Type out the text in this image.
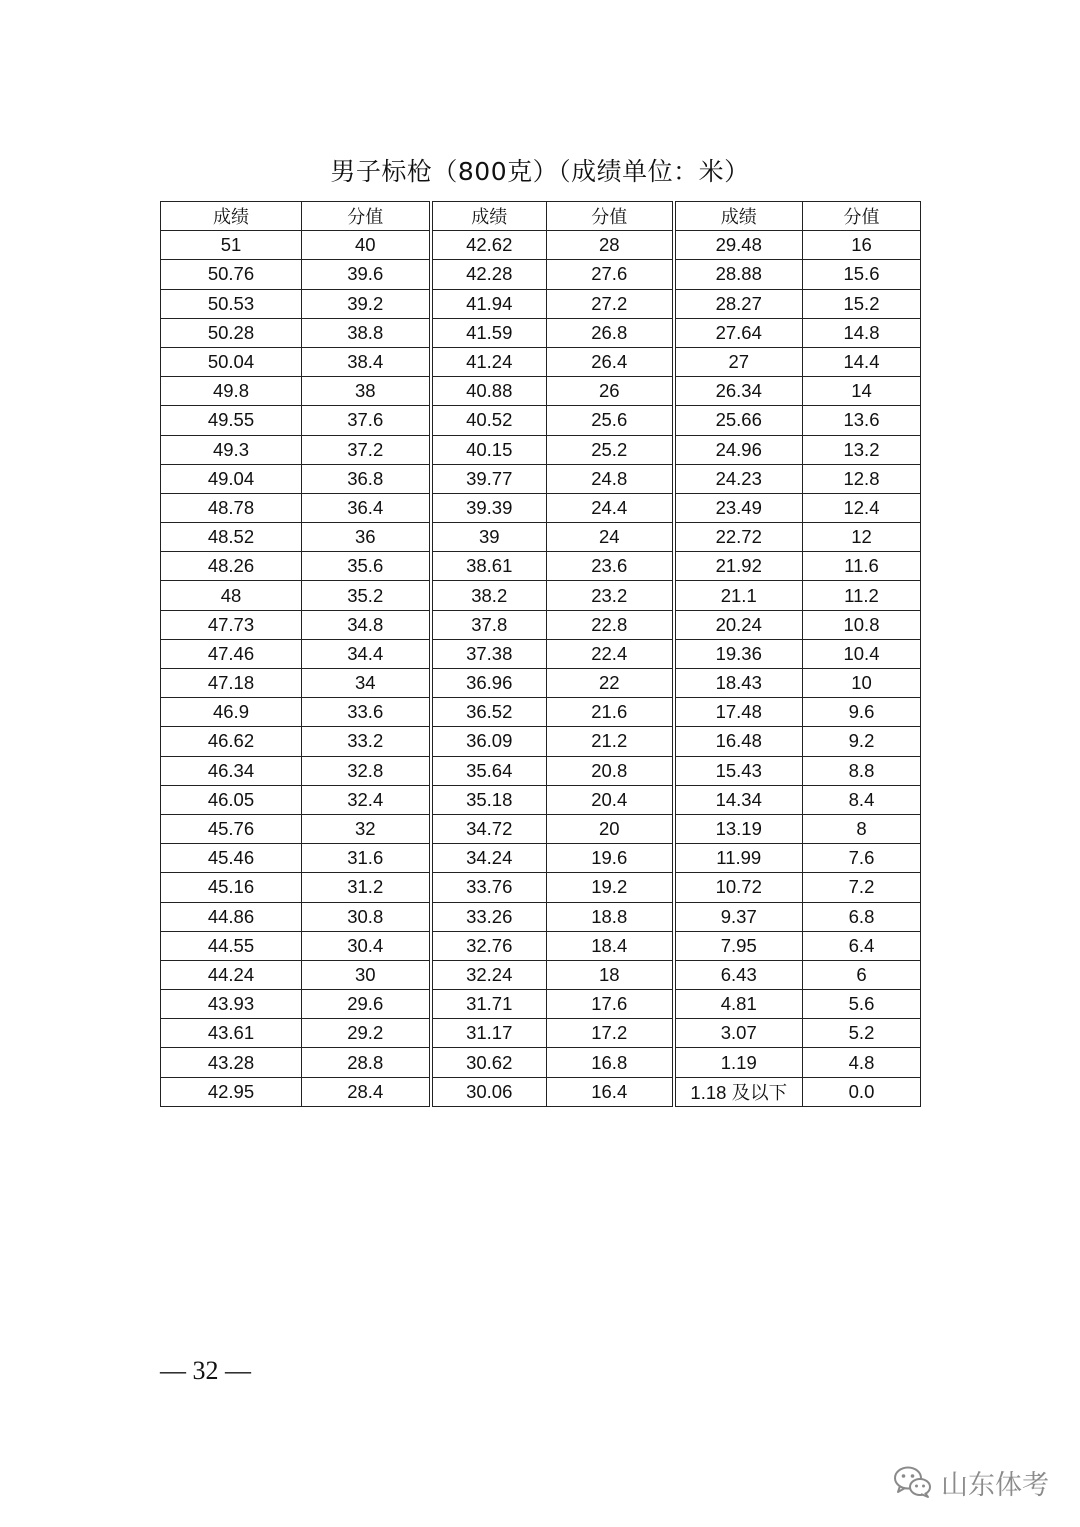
男子标枪（800克）（成绩单位：米）
成绩	分值	成绩	分值	成绩	分值
51	40	42.62	28	29.48	16
50.76	39.6	42.28	27.6	28.88	15.6
50.53	39.2	41.94	27.2	28.27	15.2
50.28	38.8	41.59	26.8	27.64	14.8
50.04	38.4	41.24	26.4	27	14.4
49.8	38	40.88	26	26.34	14
49.55	37.6	40.52	25.6	25.66	13.6
49.3	37.2	40.15	25.2	24.96	13.2
49.04	36.8	39.77	24.8	24.23	12.8
48.78	36.4	39.39	24.4	23.49	12.4
48.52	36	39	24	22.72	12
48.26	35.6	38.61	23.6	21.92	11.6
48	35.2	38.2	23.2	21.1	11.2
47.73	34.8	37.8	22.8	20.24	10.8
47.46	34.4	37.38	22.4	19.36	10.4
47.18	34	36.96	22	18.43	10
46.9	33.6	36.52	21.6	17.48	9.6
46.62	33.2	36.09	21.2	16.48	9.2
46.34	32.8	35.64	20.8	15.43	8.8
46.05	32.4	35.18	20.4	14.34	8.4
45.76	32	34.72	20	13.19	8
45.46	31.6	34.24	19.6	11.99	7.6
45.16	31.2	33.76	19.2	10.72	7.2
44.86	30.8	33.26	18.8	9.37	6.8
44.55	30.4	32.76	18.4	7.95	6.4
44.24	30	32.24	18	6.43	6
43.93	29.6	31.71	17.6	4.81	5.6
43.61	29.2	31.17	17.2	3.07	5.2
43.28	28.8	30.62	16.8	1.19	4.8
42.95	28.4	30.06	16.4	1.18 及以下	0.0
— 32 —
山东体考
